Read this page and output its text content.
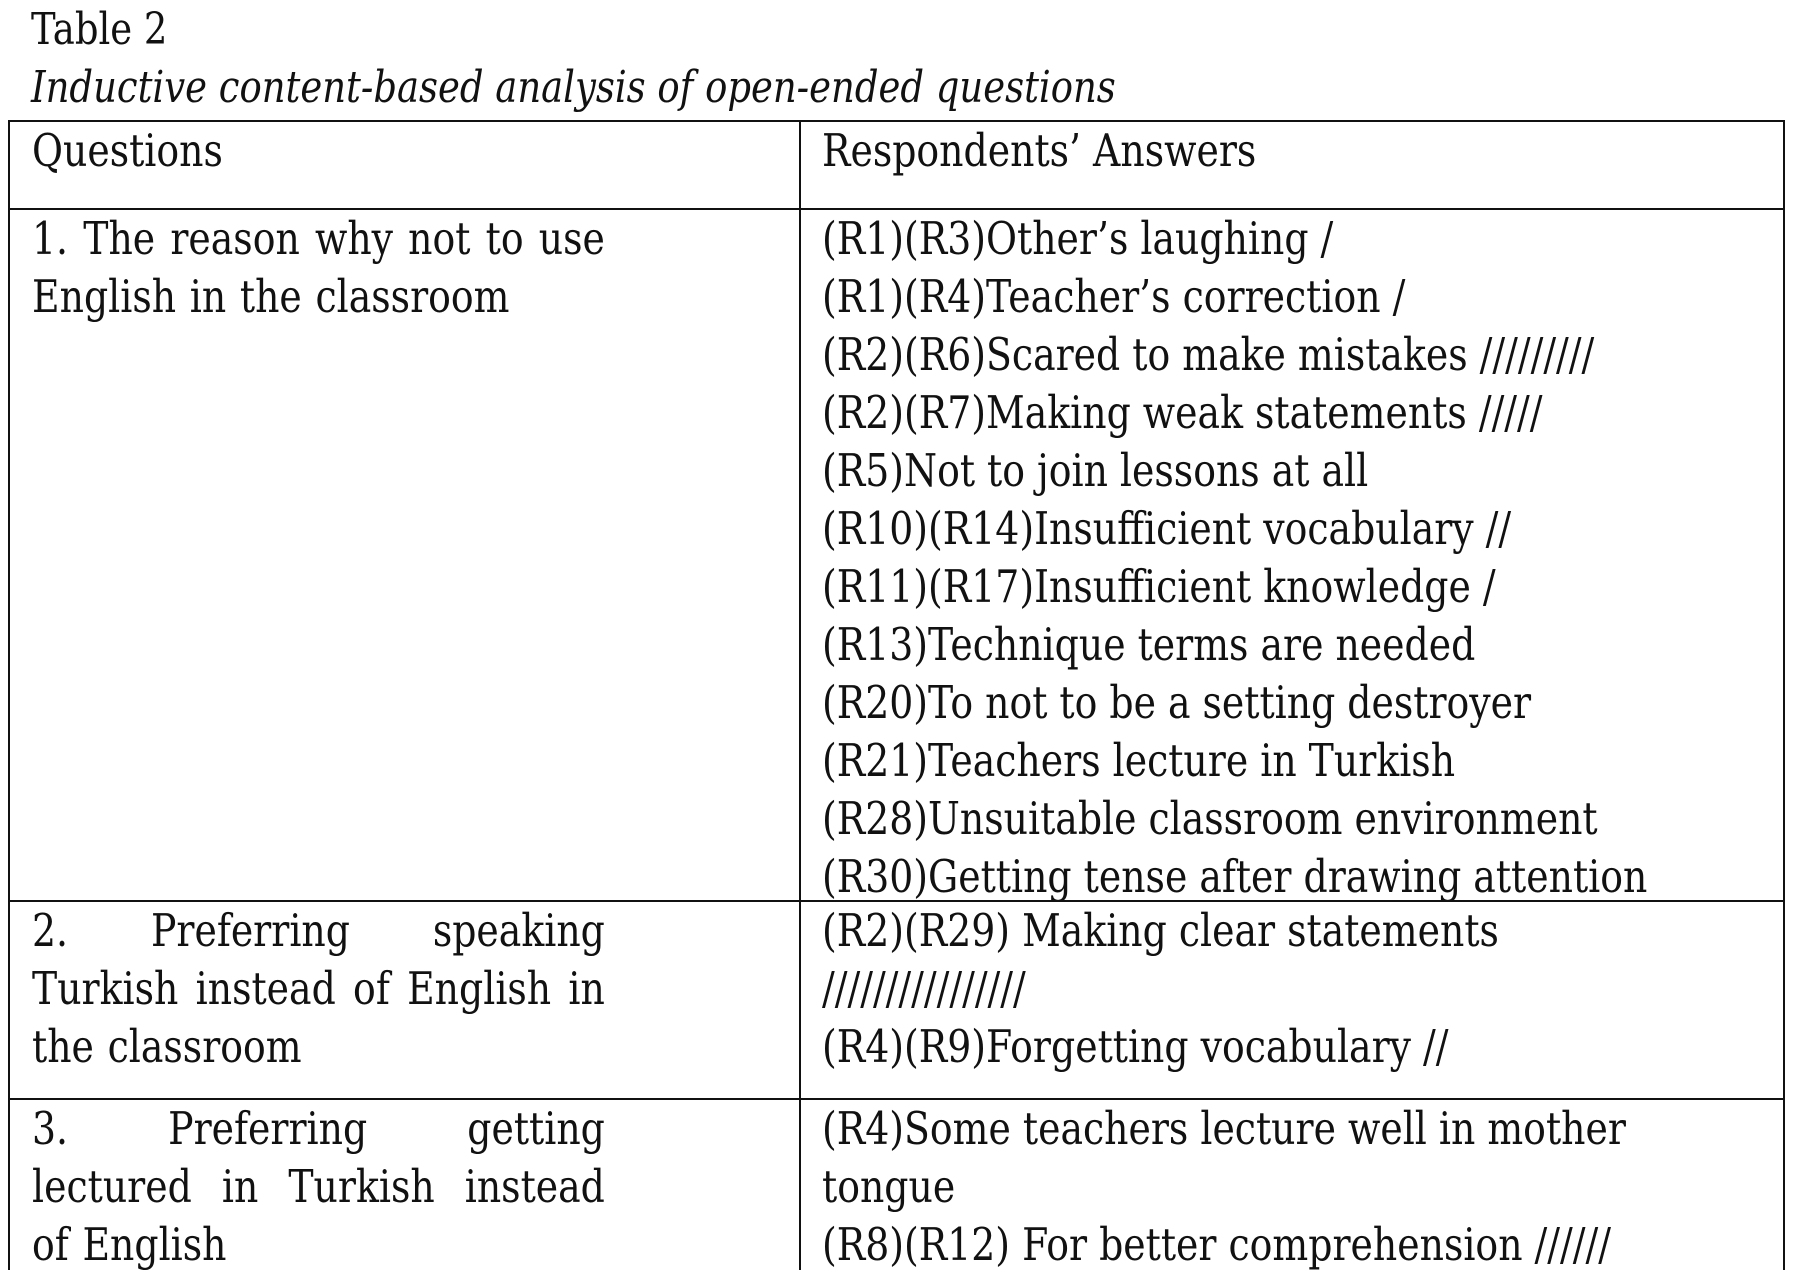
Table 2
Inductive content-based analysis of open-ended questions
Questions	Respondents’ Answers
1. The reason why not to use English in the classroom
(R1)(R3)Other’s laughing /
(R1)(R4)Teacher’s correction /
(R2)(R6)Scared to make mistakes /////////
(R2)(R7)Making weak statements /////
(R5)Not to join lessons at all
(R10)(R14)Insufficient vocabulary //
(R11)(R17)Insufficient knowledge /
(R13)Technique terms are needed
(R20)To not to be a setting destroyer
(R21)Teachers lecture in Turkish
(R28)Unsuitable classroom environment
(R30)Getting tense after drawing attention
2. Preferring speaking Turkish instead of English in the classroom
(R2)(R29) Making clear statements
////////////////
(R4)(R9)Forgetting vocabulary //
3. Preferring getting lectured in Turkish instead of English
(R4)Some teachers lecture well in mother
tongue
(R8)(R12) For better comprehension //////
